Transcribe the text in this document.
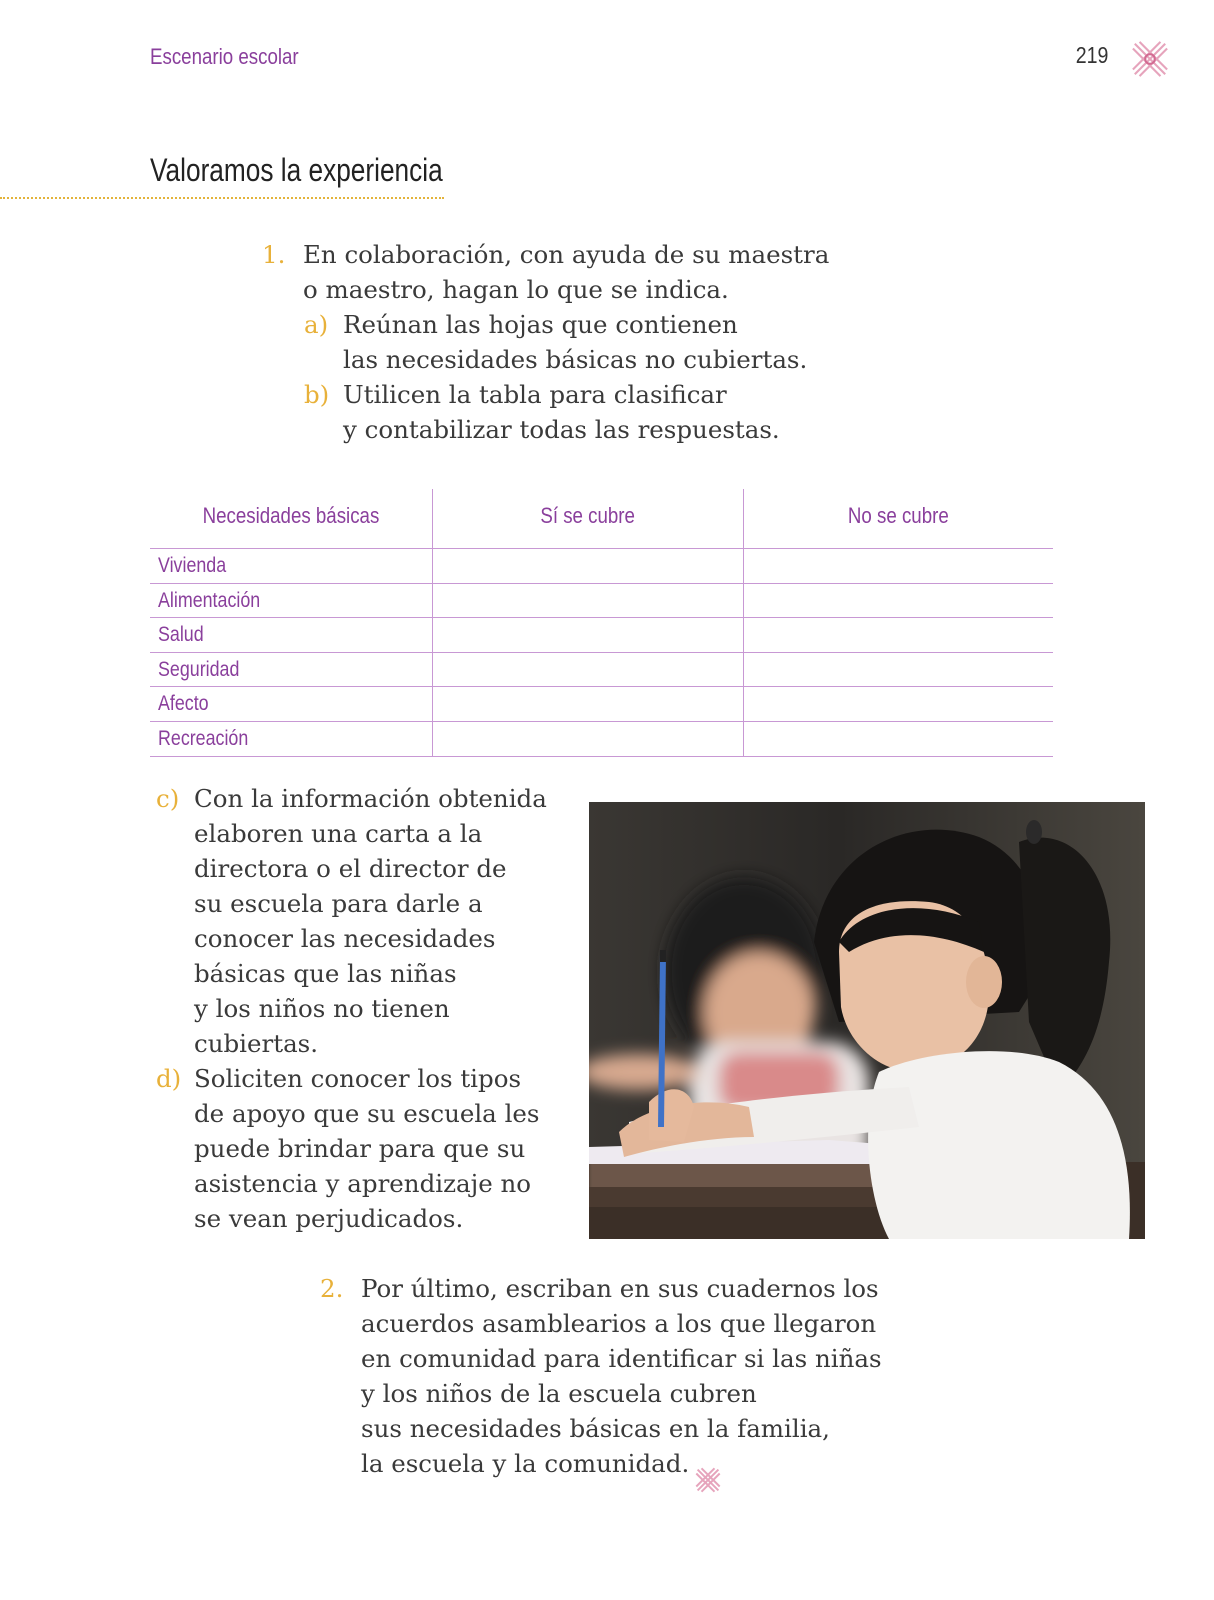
Escenario escolar	219
Valoramos la experiencia
1. En colaboración, con ayuda de su maestra
o maestro, hagan lo que se indica.
a) Reúnan las hojas que contienen
las necesidades básicas no cubiertas.
b) Utilicen la tabla para clasificar
y contabilizar todas las respuestas.
Necesidades básicas	Sí se cubre	No se cubre
Vivienda
Alimentación
Salud
Seguridad
Afecto
Recreación
c) Con la información obtenida
elaboren una carta a la
directora o el director de
su escuela para darle a
conocer las necesidades
básicas que las niñas
y los niños no tienen
cubiertas.
d) Soliciten conocer los tipos
de apoyo que su escuela les
puede brindar para que su
asistencia y aprendizaje no
se vean perjudicados.
2. Por último, escriban en sus cuadernos los
acuerdos asamblearios a los que llegaron
en comunidad para identificar si las niñas
y los niños de la escuela cubren
sus necesidades básicas en la familia,
la escuela y la comunidad.
